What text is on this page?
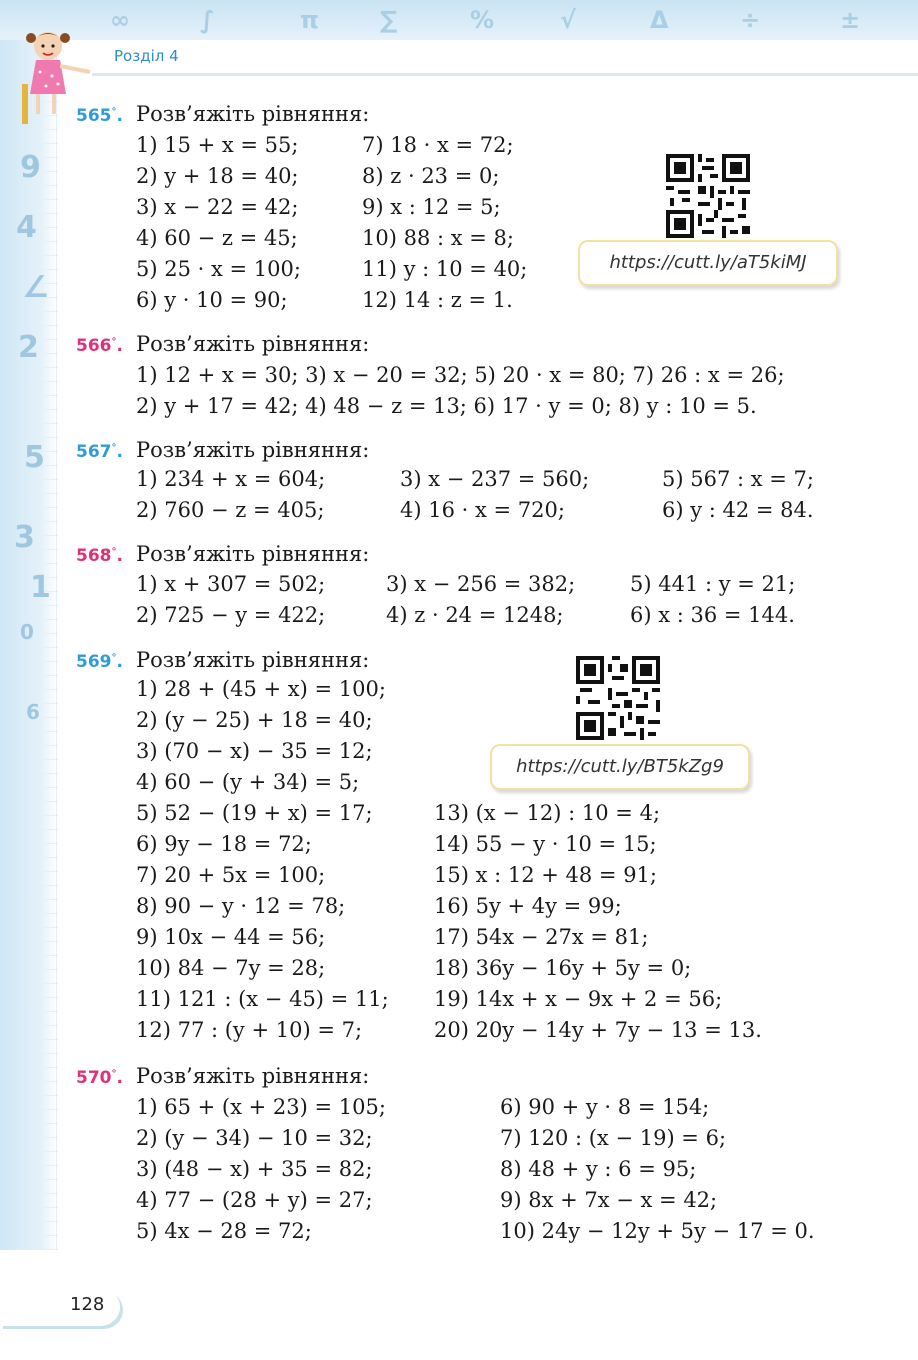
∞	∫	π	∑	%	√	Δ	÷	±
9
4
∠
2
5
3
1
0
6
Розділ 4
565°. Розв’яжіть рівняння:
1) 15 + x = 55;
2) y + 18 = 40;
3) x − 22 = 42;
4) 60 − z = 45;
5) 25 · x = 100;
6) y · 10 = 90;
7) 18 · x = 72;
8) z · 23 = 0;
9) x : 12 = 5;
10) 88 : x = 8;
11) y : 10 = 40;
12) 14 : z = 1.
https://cutt.ly/aT5kiMJ
566°. Розв’яжіть рівняння:
1) 12 + x = 30; 3) x − 20 = 32; 5) 20 · x = 80; 7) 26 : x = 26;
2) y + 17 = 42; 4) 48 − z = 13; 6) 17 · y = 0; 8) y : 10 = 5.
567°. Розв’яжіть рівняння:
1) 234 + x = 604;
2) 760 − z = 405;
3) x − 237 = 560;
4) 16 · x = 720;
5) 567 : x = 7;
6) y : 42 = 84.
568°. Розв’яжіть рівняння:
1) x + 307 = 502;
2) 725 − y = 422;
3) x − 256 = 382;
4) z · 24 = 1248;
5) 441 : y = 21;
6) x : 36 = 144.
569°. Розв’яжіть рівняння:
1) 28 + (45 + x) = 100;
2) (y − 25) + 18 = 40;
3) (70 − x) − 35 = 12;
4) 60 − (y + 34) = 5;
5) 52 − (19 + x) = 17;
6) 9y − 18 = 72;
7) 20 + 5x = 100;
8) 90 − y · 12 = 78;
9) 10x − 44 = 56;
10) 84 − 7y = 28;
11) 121 : (x − 45) = 11;
12) 77 : (y + 10) = 7;
13) (x − 12) : 10 = 4;
14) 55 − y · 10 = 15;
15) x : 12 + 48 = 91;
16) 5y + 4y = 99;
17) 54x − 27x = 81;
18) 36y − 16y + 5y = 0;
19) 14x + x − 9x + 2 = 56;
20) 20y − 14y + 7y − 13 = 13.
https://cutt.ly/BT5kZg9
570°. Розв’яжіть рівняння:
1) 65 + (x + 23) = 105;
2) (y − 34) − 10 = 32;
3) (48 − x) + 35 = 82;
4) 77 − (28 + y) = 27;
5) 4x − 28 = 72;
6) 90 + y · 8 = 154;
7) 120 : (x − 19) = 6;
8) 48 + y : 6 = 95;
9) 8x + 7x − x = 42;
10) 24y − 12y + 5y − 17 = 0.
128
